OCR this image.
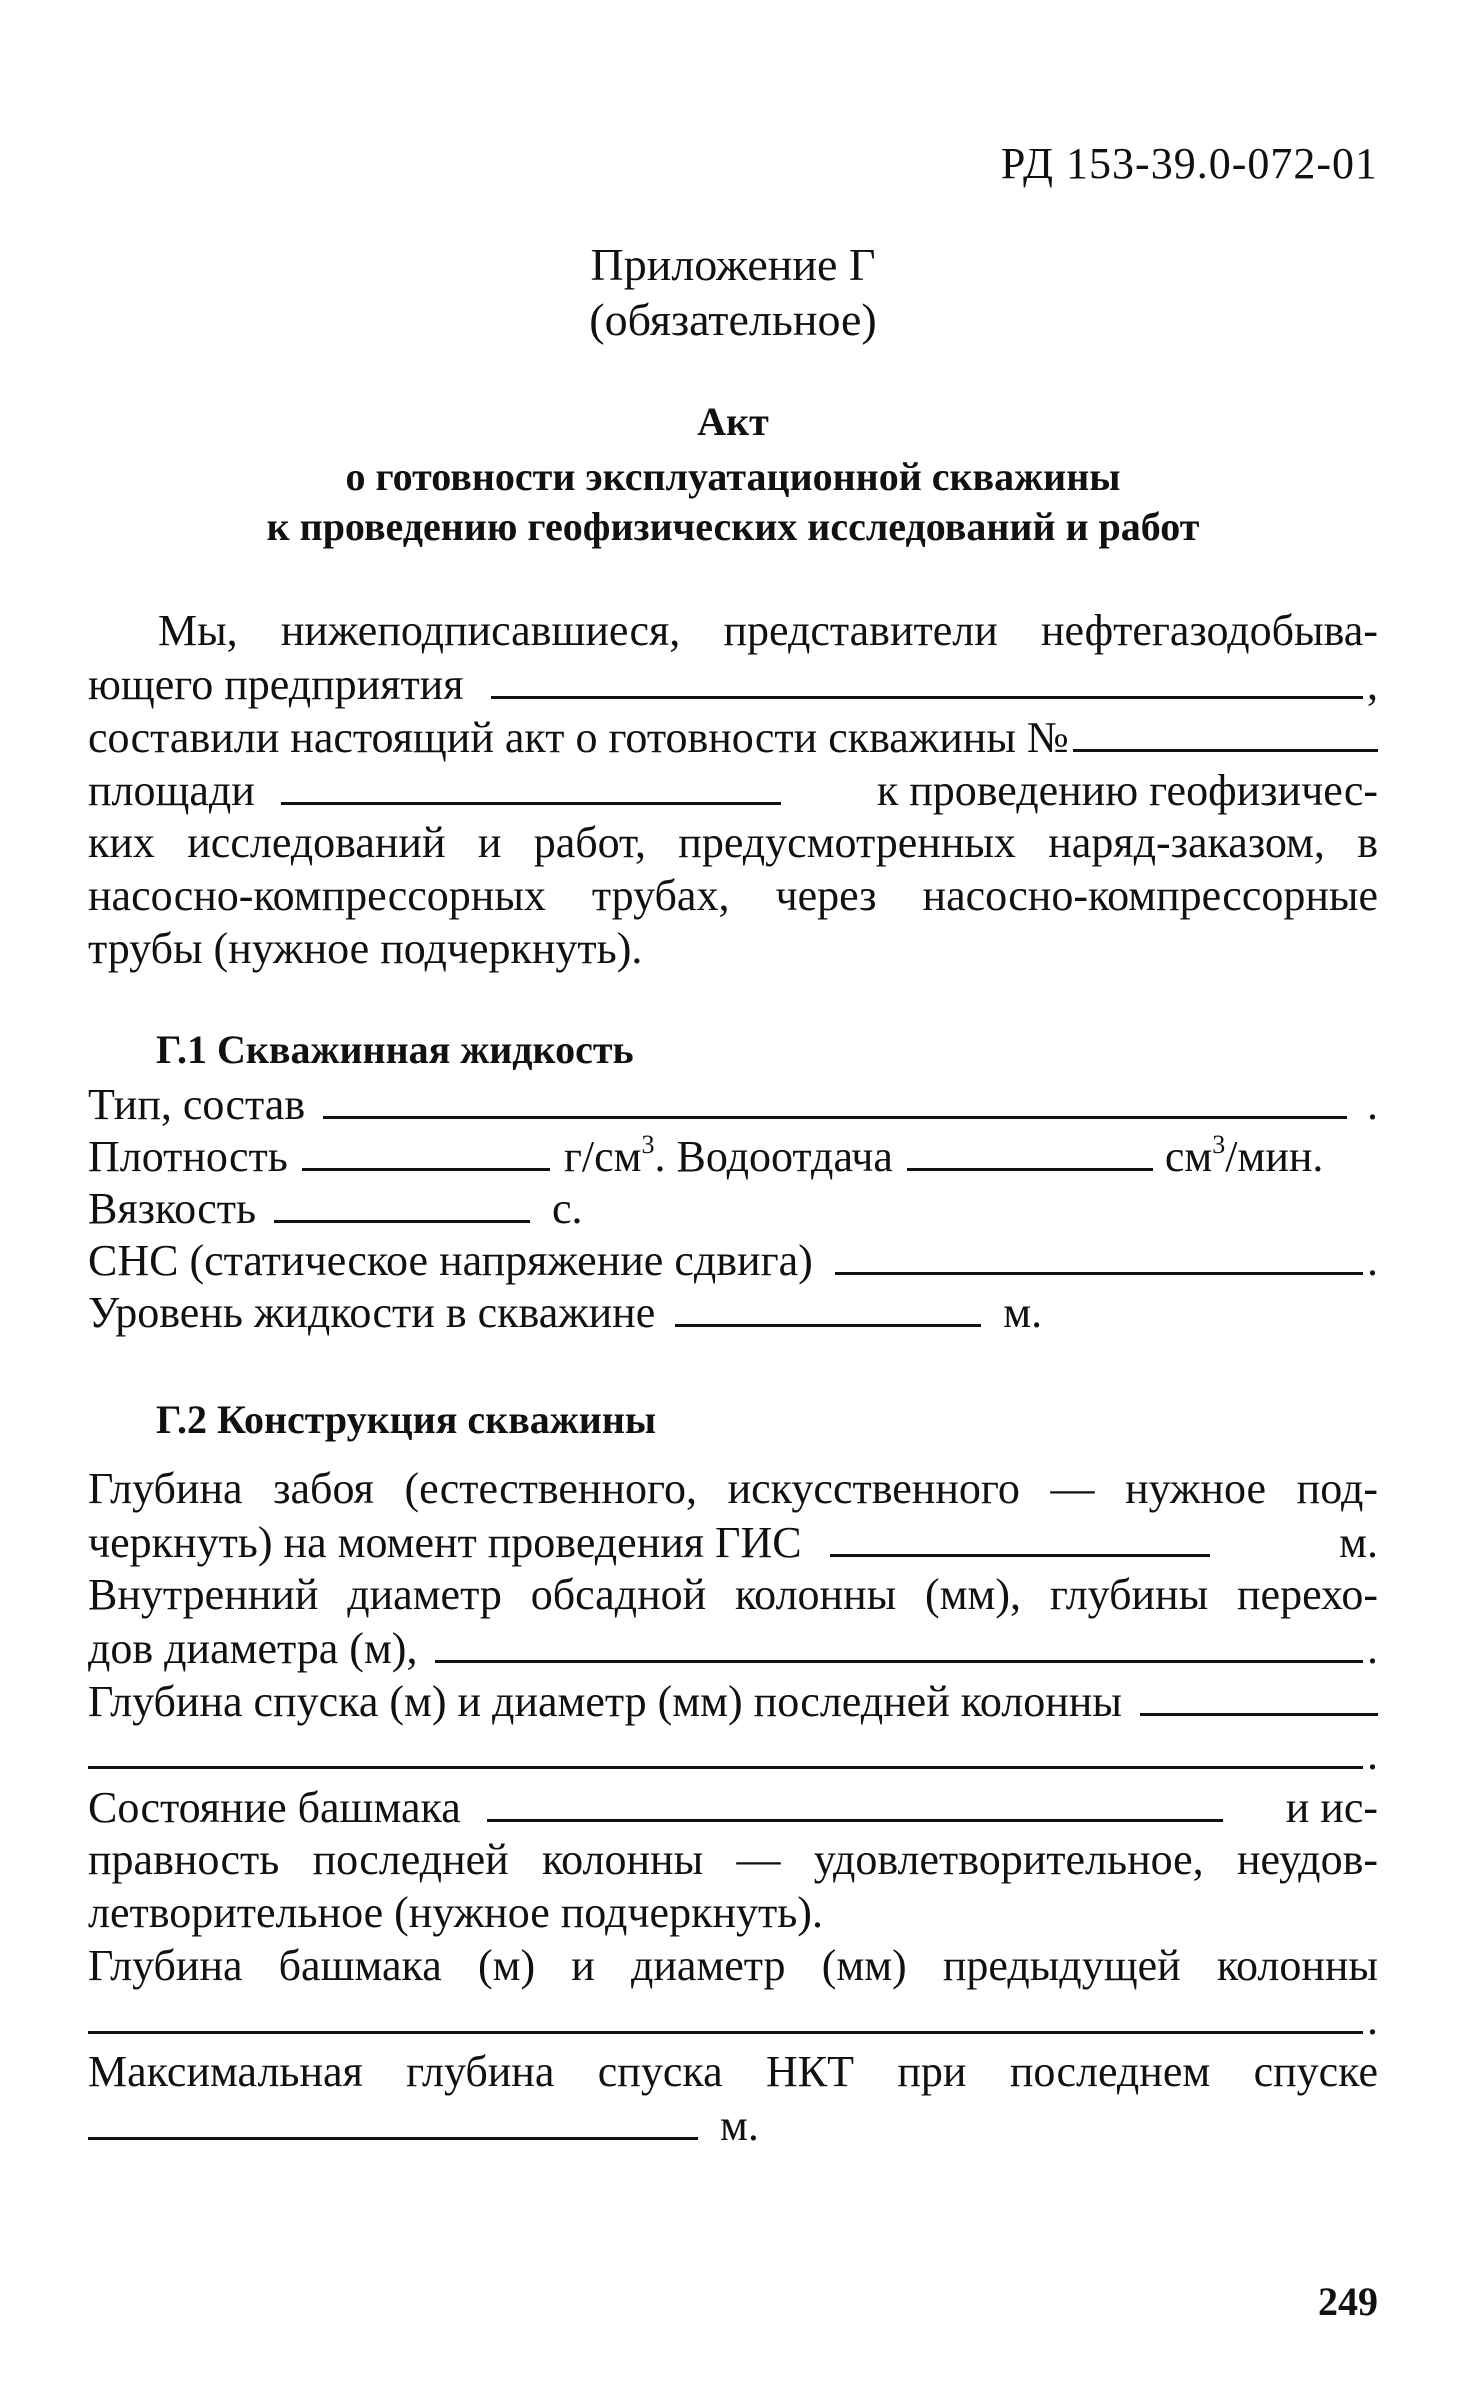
РД 153-39.0-072-01
Приложение Г
(обязательное)
Акт
о готовности эксплуатационной скважины
к проведению геофизических исследований и работ
Мы, нижеподписавшиеся, представители нефтегазодобыва-
ющего предприятия	,
составили настоящий акт о готовности скважины №
площади	к проведению геофизичес-
ких исследований и работ, предусмотренных наряд-заказом, в
насосно-компрессорных трубах, через насосно-компрессорные
трубы (нужное подчеркнуть).
Г.1 Скважинная жидкость
Тип, состав	.
Плотность	$г/см^3$ . Водоотдача	$см^3$/мин.
Вязкость	с.
СНС (статическое напряжение сдвига)	.
Уровень жидкости в скважине	м.
Г.2 Конструкция скважины
Глубина забоя (естественного, искусственного — нужное под-
черкнуть) на момент проведения ГИС	м.
Внутренний диаметр обсадной колонны (мм), глубины перехо-
дов диаметра (м),	.
Глубина спуска (м) и диаметр (мм) последней колонны
.
Состояние башмака	и ис-
правность последней колонны — удовлетворительное, неудов-
летворительное (нужное подчеркнуть).
Глубина башмака (м) и диаметр (мм) предыдущей колонны
.
Максимальная глубина спуска НКТ при последнем спуске
м.
249
